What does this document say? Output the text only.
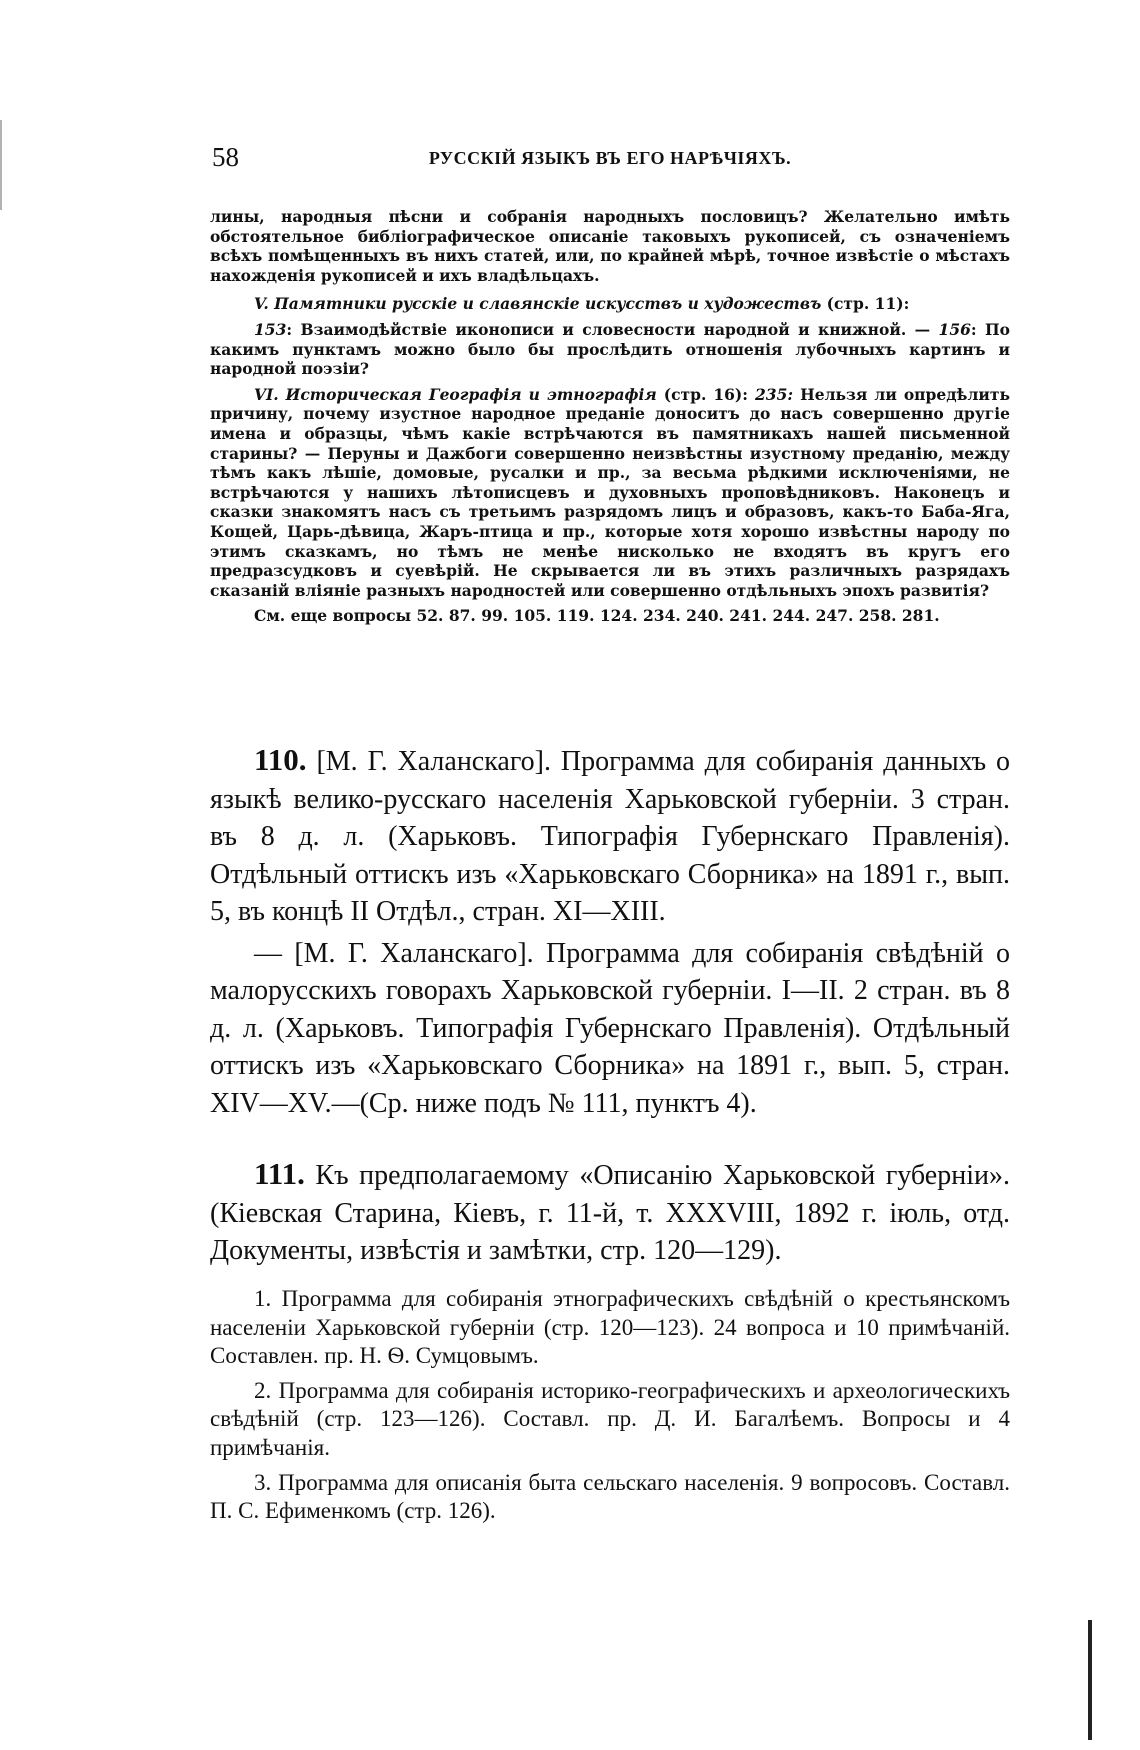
58	РУССКІЙ ЯЗЫКЪ ВЪ ЕГО НАРѢЧІЯХЪ.

лины, народныя пѣсни и собранія народныхъ пословицъ? Желательно имѣть обстоятельное библіографическое описаніе таковыхъ рукописей, съ означеніемъ всѣхъ помѣщенныхъ въ нихъ статей, или, по крайней мѣрѣ, точное извѣстіе о мѣстахъ нахожденія рукописей и ихъ владѣльцахъ.

V. Памятники русскіе и славянскіе искусствъ и художествъ (стр. 11):

153: Взаимодѣйствіе иконописи и словесности народной и книжной. — 156: По какимъ пунктамъ можно было бы прослѣдить отношенія лубочныхъ картинъ и народной поэзіи?

VI. Историческая Географія и этнографія (стр. 16): 235: Нельзя ли опредѣлить причину, почему изустное народное преданіе доноситъ до насъ совершенно другіе имена и образцы, чѣмъ какіе встрѣчаются въ памятникахъ нашей письменной старины? — Перуны и Дажбоги совершенно неизвѣстны изустному преданію, между тѣмъ какъ лѣшіе, домовые, русалки и пр., за весьма рѣдкими исключеніями, не встрѣчаются у нашихъ лѣтописцевъ и духовныхъ проповѣдниковъ. Наконецъ и сказки знакомятъ насъ съ третьимъ разрядомъ лицъ и образовъ, какъ-то Баба-Яга, Кощей, Царь-дѣвица, Жаръ-птица и пр., которые хотя хорошо извѣстны народу по этимъ сказкамъ, но тѣмъ не менѣе нисколько не входятъ въ кругъ его предразсудковъ и суевѣрій. Не скрывается ли въ этихъ различныхъ разрядахъ сказаній вліяніе разныхъ народностей или совершенно отдѣльныхъ эпохъ развитія?

См. еще вопросы 52. 87. 99. 105. 119. 124. 234. 240. 241. 244. 247. 258. 281.

110. [М. Г. Халанскаго]. Программа для собиранія данныхъ о языкѣ велико-русскаго населенія Харьковской губерніи. 3 стран. въ 8 д. л. (Харьковъ. Типографія Губернскаго Правленія). Отдѣльный оттискъ изъ «Харьковскаго Сборника» на 1891 г., вып. 5, въ концѣ II Отдѣл., стран. XI—XIII.

— [М. Г. Халанскаго]. Программа для собиранія свѣдѣній о малорусскихъ говорахъ Харьковской губерніи. I—II. 2 стран. въ 8 д. л. (Харьковъ. Типографія Губернскаго Правленія). Отдѣльный оттискъ изъ «Харьковскаго Сборника» на 1891 г., вып. 5, стран. XIV—XV.—(Ср. ниже подъ № 111, пунктъ 4).

111. Къ предполагаемому «Описанію Харьковской губерніи». (Кіевская Старина, Кіевъ, г. 11-й, т. XXXVIII, 1892 г. іюль, отд. Документы, извѣстія и замѣтки, стр. 120—129).

1. Программа для собиранія этнографическихъ свѣдѣній о крестьянскомъ населеніи Харьковской губерніи (стр. 120—123). 24 вопроса и 10 примѣчаній. Составлен. пр. Н. Ѳ. Сумцовымъ.

2. Программа для собиранія историко-географическихъ и археологическихъ свѣдѣній (стр. 123—126). Составл. пр. Д. И. Багалѣемъ. Вопросы и 4 примѣчанія.

3. Программа для описанія быта сельскаго населенія. 9 вопросовъ. Составл. П. С. Ефименкомъ (стр. 126).
